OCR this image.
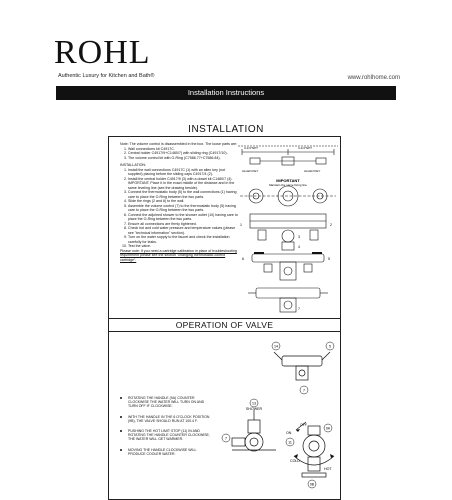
ROHL
Authentic Luxury for Kitchen and Bath®	www.rohlhome.com
Installation Instructions
INSTALLATION

Note: The volume control is disassembled in the box. The loose parts are:

1. Wall connections kit C4917C.
2. Central holder C4917/9+C1480/7) with sliding ring (C4917/10).
3. The volume control kit with O-Ring (C7586.77+C7586.84).

INSTALLATION:

1. Install the wall connections C4917C (1) with an allen key (not supplied) placing before the sliding caps C4917/4 (2).
2. Install the central holder C4917/9 (3) with a dowel kit C1480/7 (4). IMPORTANT: Place it in the exact middle of the distance and in the same leveling line (see the drawing beside).
3. Connect the thermostatic body (5) to the wall connections (1) having care to place the O-Ring between the two parts.
4. Slide the rings (2 and 6) to the wall.
5. Assemble the volume control (7) to the thermostatic body (5) having care to place the O-Ring between the two parts.
6. Connect the adjoined shower to the shower outlet (10) having care to place the O-Ring between the two parts.
7. Ensure all connections are firmly tightened.
8. Check hot and cold water pressure and temperature values (please see "technical information" section).
9. Turn on the water supply to the faucet and check the installation carefully for leaks.
10. Test the valve.

Please note: if you need a cartridge calibration in place of troubleshooting requirement please see the section "changing thermostatic control cartridge".

3-1/4"NPT	3-1/4"NPT
ALLEN KEY	ALLEN KEY
IMPORTANT
Maintain the same fixing line
1	2
3
4
5
6
7
OPERATION OF VALVE
ROTATING THE HANDLE (9A) COUNTER CLOCKWISE THE WATER WILL TURN ON AND TURN OFF IF CLOCKWISE.
WITH THE HANDLE IN THE 6 O'CLOCK POSITION (9B), THE VALVE SHOULD RUN AT 100.4 F.
PUSHING THE HOT LIMIT STOP (11) IN AND ROTATING THE HANDLE COUNTER CLOCKWISE, THE WATER WILL GET WARMER.
MOVING THE HANDLE CLOCKWISE WILL PRODUCE COOLER WATER.
14	5
7
13
7
9A
11
9B
SHOWER
OFF
ON
COLD
HOT
